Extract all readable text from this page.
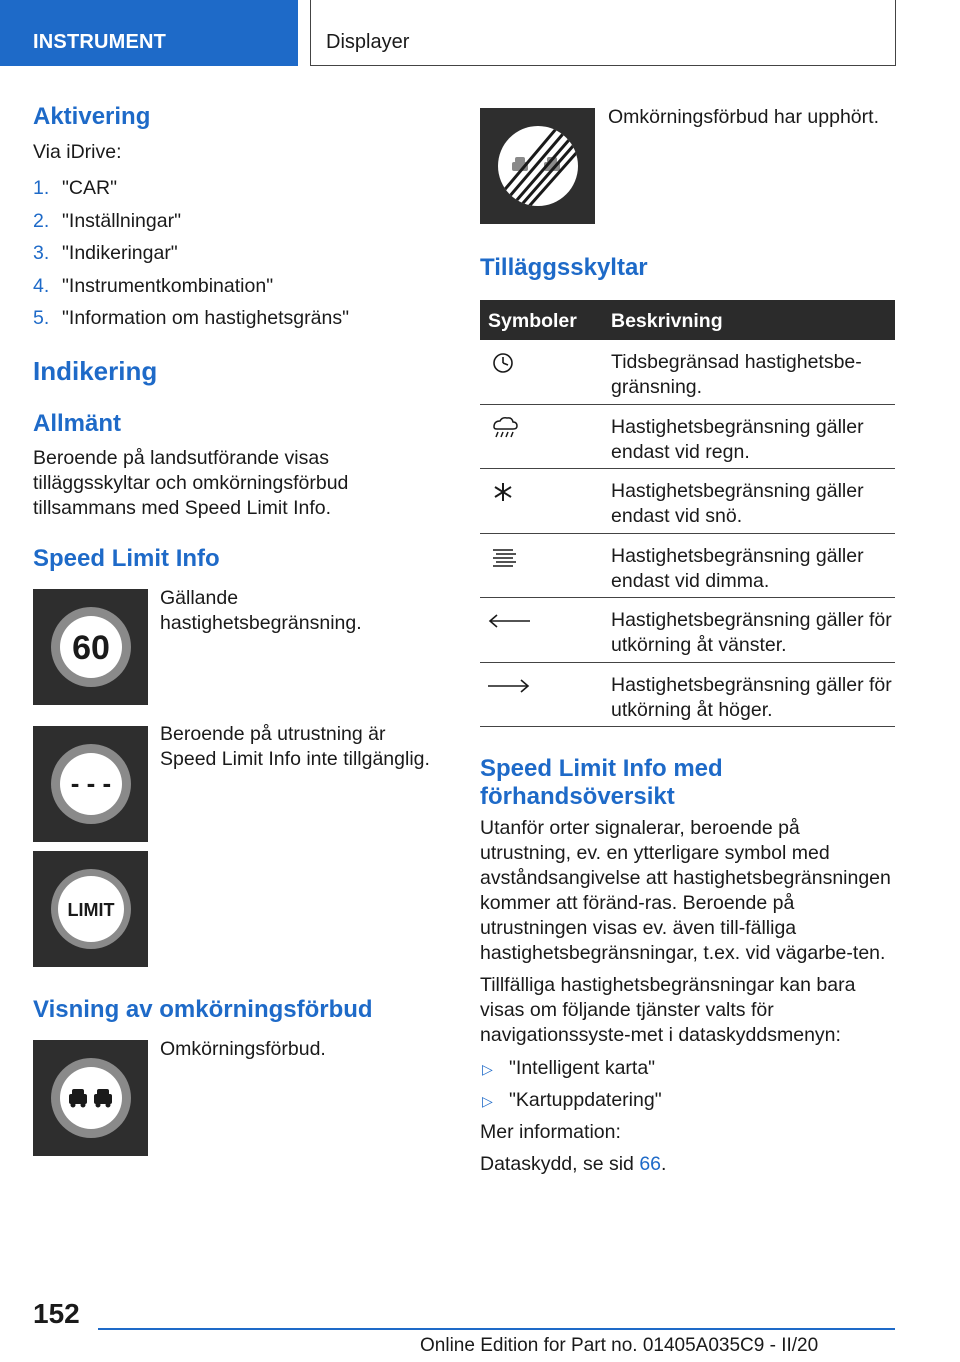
INSTRUMENT	Displayer
Aktivering
Via iDrive:
1. "CAR"
2. "Inställningar"
3. "Indikeringar"
4. "Instrumentkombination"
5. "Information om hastighetsgräns"
Indikering
Allmänt
Beroende på landsutförande visas tilläggsskyltar och omkörningsförbud tillsammans med Speed Limit Info.
Speed Limit Info
60
Gällande hastighetsbegränsning.
- - -
Beroende på utrustning är Speed Limit Info inte tillgänglig.
LIMIT
Visning av omkörningsförbud
Omkörningsförbud.
Omkörningsförbud har upphört.
Tilläggsskyltar
Symboler Beskrivning
Tidsbegränsad hastighetsbe-gränsning.
Hastighetsbegränsning gäller endast vid regn.
Hastighetsbegränsning gäller endast vid snö.
Hastighetsbegränsning gäller endast vid dimma.
Hastighetsbegränsning gäller för utkörning åt vänster.
Hastighetsbegränsning gäller för utkörning åt höger.
Speed Limit Info med
förhandsöversikt
Utanför orter signalerar, beroende på utrustning, ev. en ytterligare symbol med avståndsangivelse att hastighetsbegränsningen kommer att föränd-ras. Beroende på utrustningen visas ev. även till-fälliga hastighetsbegränsningar, t.ex. vid vägarbe-ten.
Tillfälliga hastighetsbegränsningar kan bara visas om följande tjänster valts för navigationssyste-met i dataskyddsmenyn:
▷ "Intelligent karta"
▷ "Kartuppdatering"
Mer information:
Dataskydd, se sid 66.
152
Online Edition for Part no. 01405A035C9 - II/20
